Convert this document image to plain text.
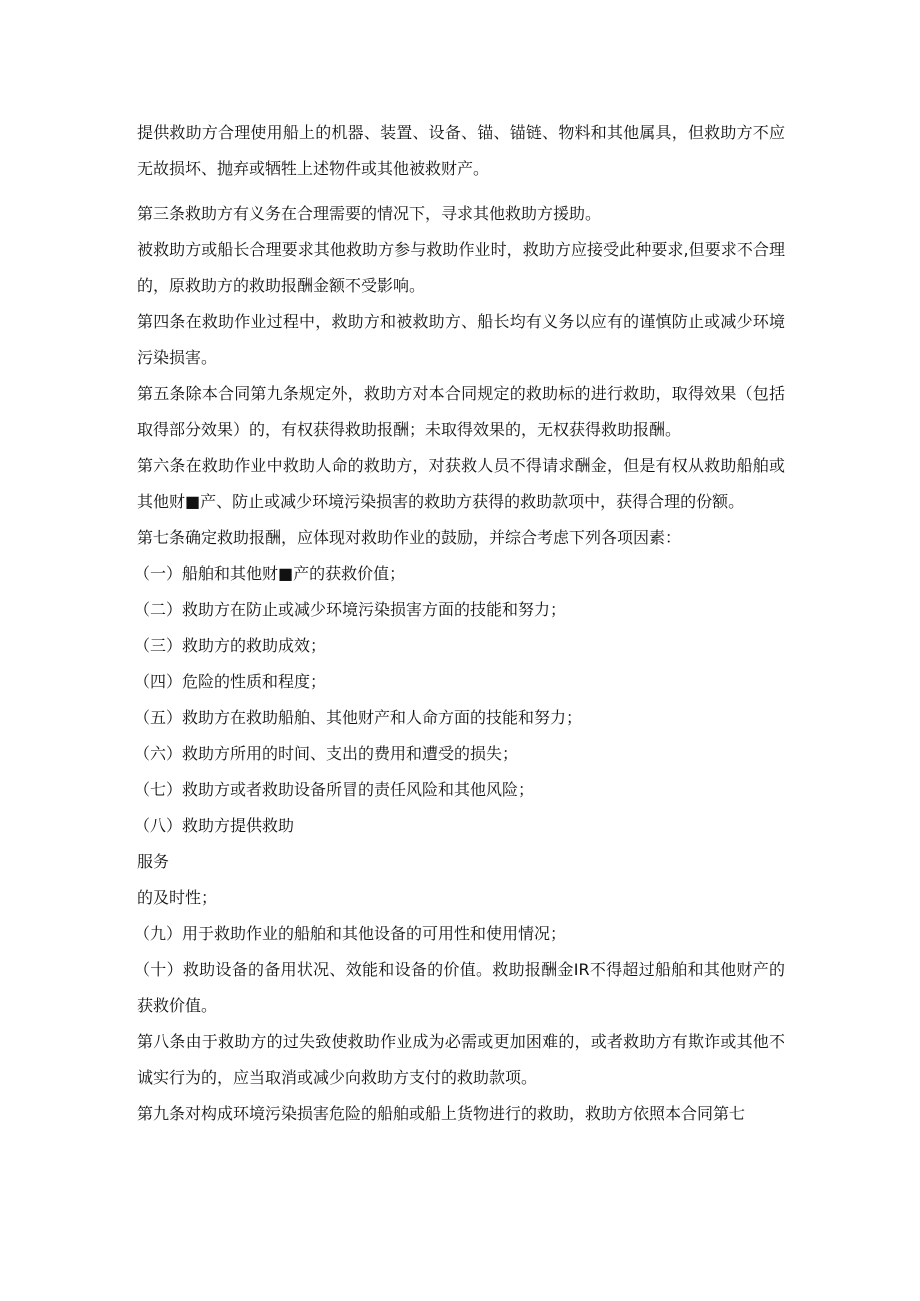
提供救助方合理使用船上的机器、装置、设备、锚、锚链、物料和其他属具，但救助方不应无故损坏、抛弃或牺牲上述物件或其他被救财产。

第三条救助方有义务在合理需要的情况下，寻求其他救助方援助。

被救助方或船长合理要求其他救助方参与救助作业时，救助方应接受此种要求,但要求不合理的，原救助方的救助报酬金额不受影响。

第四条在救助作业过程中，救助方和被救助方、船长均有义务以应有的谨慎防止或减少环境污染损害。

第五条除本合同第九条规定外，救助方对本合同规定的救助标的进行救助，取得效果（包括取得部分效果）的，有权获得救助报酬；未取得效果的，无权获得救助报酬。

第六条在救助作业中救助人命的救助方，对获救人员不得请求酬金，但是有权从救助船舶或其他财■产、防止或减少环境污染损害的救助方获得的救助款项中，获得合理的份额。

第七条确定救助报酬，应体现对救助作业的鼓励，并综合考虑下列各项因素：

（一）船舶和其他财■产的获救价值；

（二）救助方在防止或减少环境污染损害方面的技能和努力；

（三）救助方的救助成效；

（四）危险的性质和程度；

（五）救助方在救助船舶、其他财产和人命方面的技能和努力；

（六）救助方所用的时间、支出的费用和遭受的损失；

（七）救助方或者救助设备所冒的责任风险和其他风险；

（八）救助方提供救助

服务

的及时性；

（九）用于救助作业的船舶和其他设备的可用性和使用情况；

（十）救助设备的备用状况、效能和设备的价值。救助报酬金IR不得超过船舶和其他财产的获救价值。

第八条由于救助方的过失致使救助作业成为必需或更加困难的，或者救助方有欺诈或其他不诚实行为的，应当取消或减少向救助方支付的救助款项。

第九条对构成环境污染损害危险的船舶或船上货物进行的救助，救助方依照本合同第七
